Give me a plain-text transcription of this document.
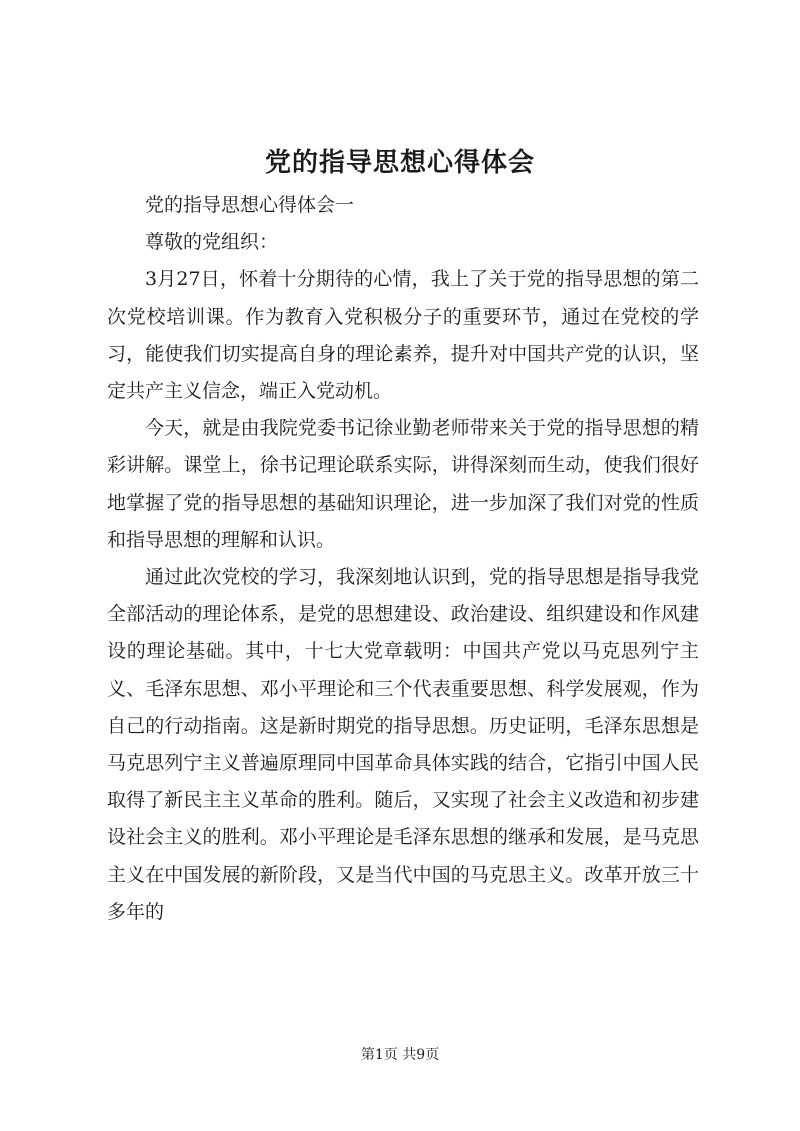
党的指导思想心得体会

党的指导思想心得体会一

尊敬的党组织：

3月27日，怀着十分期待的心情，我上了关于党的指导思想的第二次党校培训课。作为教育入党积极分子的重要环节，通过在党校的学习，能使我们切实提高自身的理论素养，提升对中国共产党的认识，坚定共产主义信念，端正入党动机。

今天，就是由我院党委书记徐业勤老师带来关于党的指导思想的精彩讲解。课堂上，徐书记理论联系实际，讲得深刻而生动，使我们很好地掌握了党的指导思想的基础知识理论，进一步加深了我们对党的性质和指导思想的理解和认识。

通过此次党校的学习，我深刻地认识到，党的指导思想是指导我党全部活动的理论体系，是党的思想建设、政治建设、组织建设和作风建设的理论基础。其中，十七大党章载明：中国共产党以马克思列宁主义、毛泽东思想、邓小平理论和三个代表重要思想、科学发展观，作为自己的行动指南。这是新时期党的指导思想。历史证明，毛泽东思想是马克思列宁主义普遍原理同中国革命具体实践的结合，它指引中国人民取得了新民主主义革命的胜利。随后，又实现了社会主义改造和初步建设社会主义的胜利。邓小平理论是毛泽东思想的继承和发展，是马克思主义在中国发展的新阶段，又是当代中国的马克思主义。改革开放三十多年的

第1页 共9页
